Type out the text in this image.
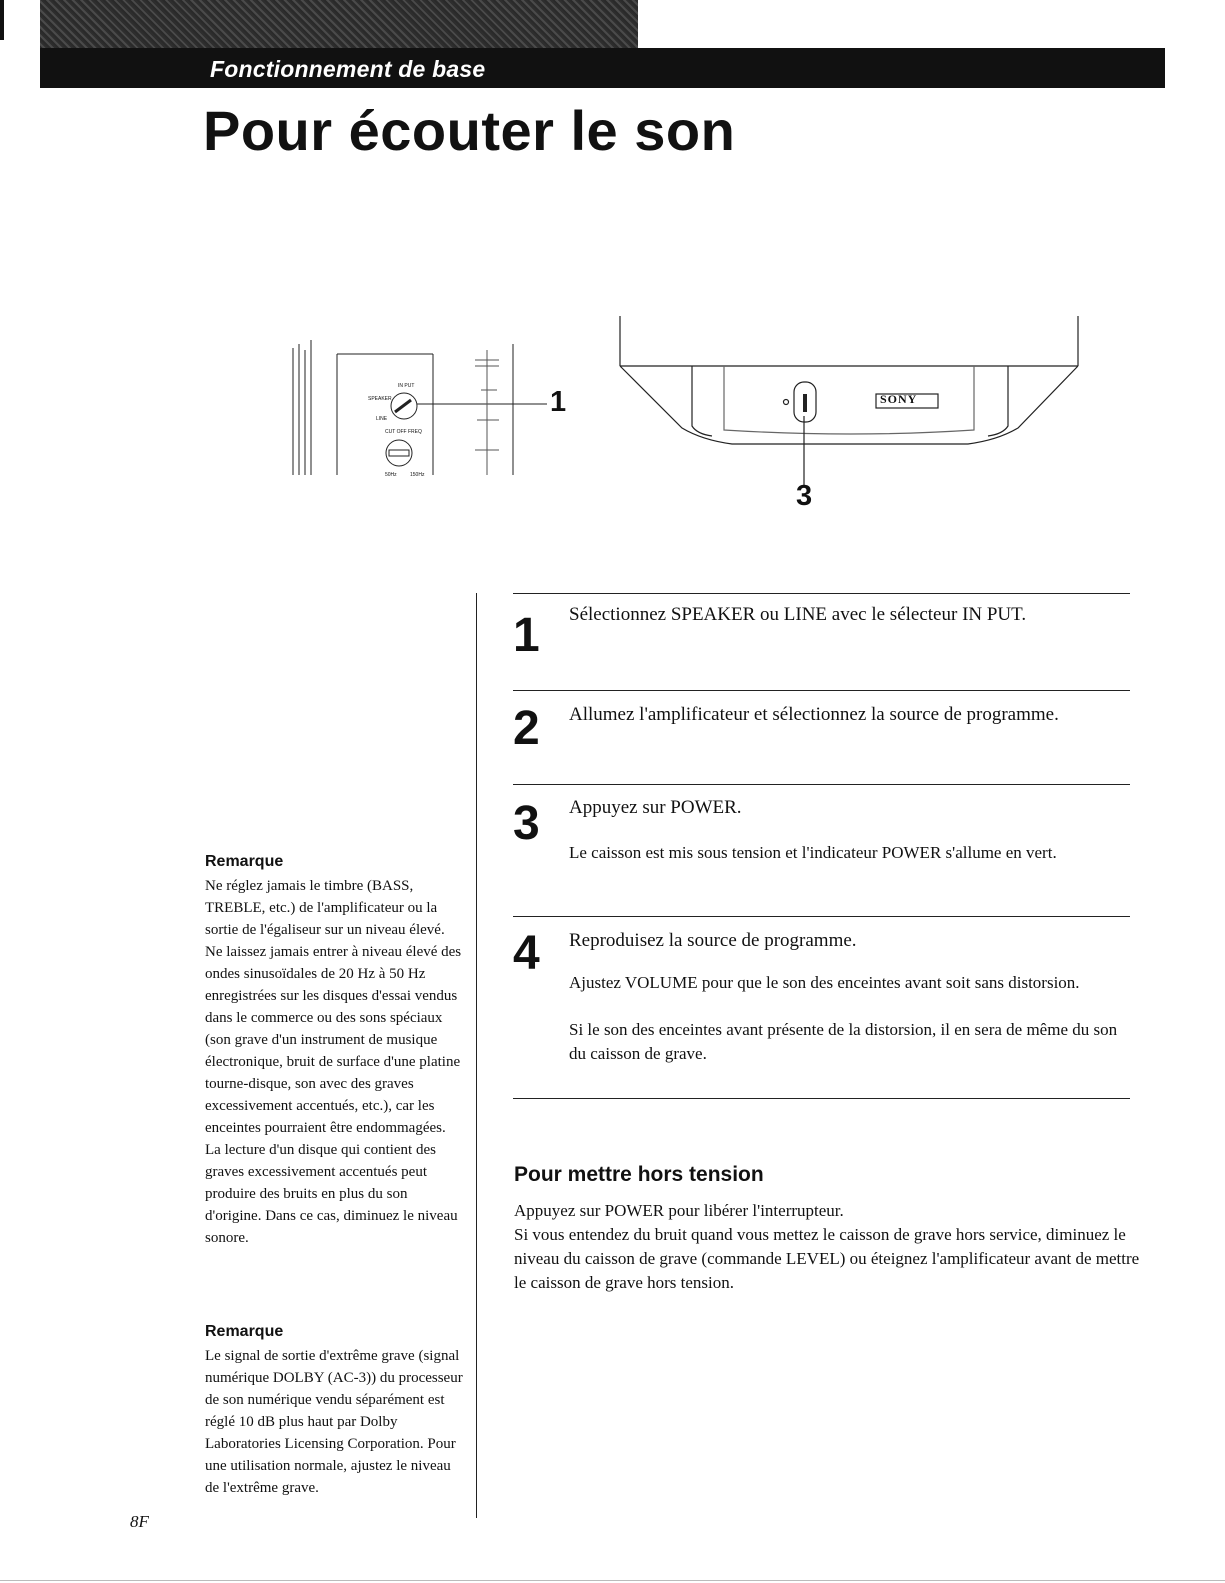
Fonctionnement de base
Pour écouter le son
IN PUT
SPEAKER
LINE
CUT OFF FREQ
50Hz	150Hz
1	SONY
3
1 Sélectionnez SPEAKER ou LINE avec le sélecteur IN PUT.
2 Allumez l'amplificateur et sélectionnez la source de programme.
3 Appuyez sur POWER.
Le caisson est mis sous tension et l'indicateur POWER s'allume en vert.
4 Reproduisez la source de programme.
Ajustez VOLUME pour que le son des enceintes avant soit sans distorsion.
Si le son des enceintes avant présente de la distorsion, il en sera de même du son du caisson de grave.
Pour mettre hors tension
Appuyez sur POWER pour libérer l'interrupteur.
Si vous entendez du bruit quand vous mettez le caisson de grave hors service, diminuez le niveau du caisson de grave (commande LEVEL) ou éteignez l'amplificateur avant de mettre le caisson de grave hors tension.
Remarque
Ne réglez jamais le timbre (BASS, TREBLE, etc.) de l'amplificateur ou la sortie de l'égaliseur sur un niveau élevé. Ne laissez jamais entrer à niveau élevé des ondes sinusoïdales de 20 Hz à 50 Hz enregistrées sur les disques d'essai vendus dans le commerce ou des sons spéciaux (son grave d'un instrument de musique électronique, bruit de surface d'une platine tourne-disque, son avec des graves excessivement accentués, etc.), car les enceintes pourraient être endommagées.
La lecture d'un disque qui contient des graves excessivement accentués peut produire des bruits en plus du son d'origine. Dans ce cas, diminuez le niveau sonore.
Remarque
Le signal de sortie d'extrême grave (signal numérique DOLBY (AC-3)) du processeur de son numérique vendu séparément est réglé 10 dB plus haut par Dolby Laboratories Licensing Corporation. Pour une utilisation normale, ajustez le niveau de l'extrême grave.
8F
